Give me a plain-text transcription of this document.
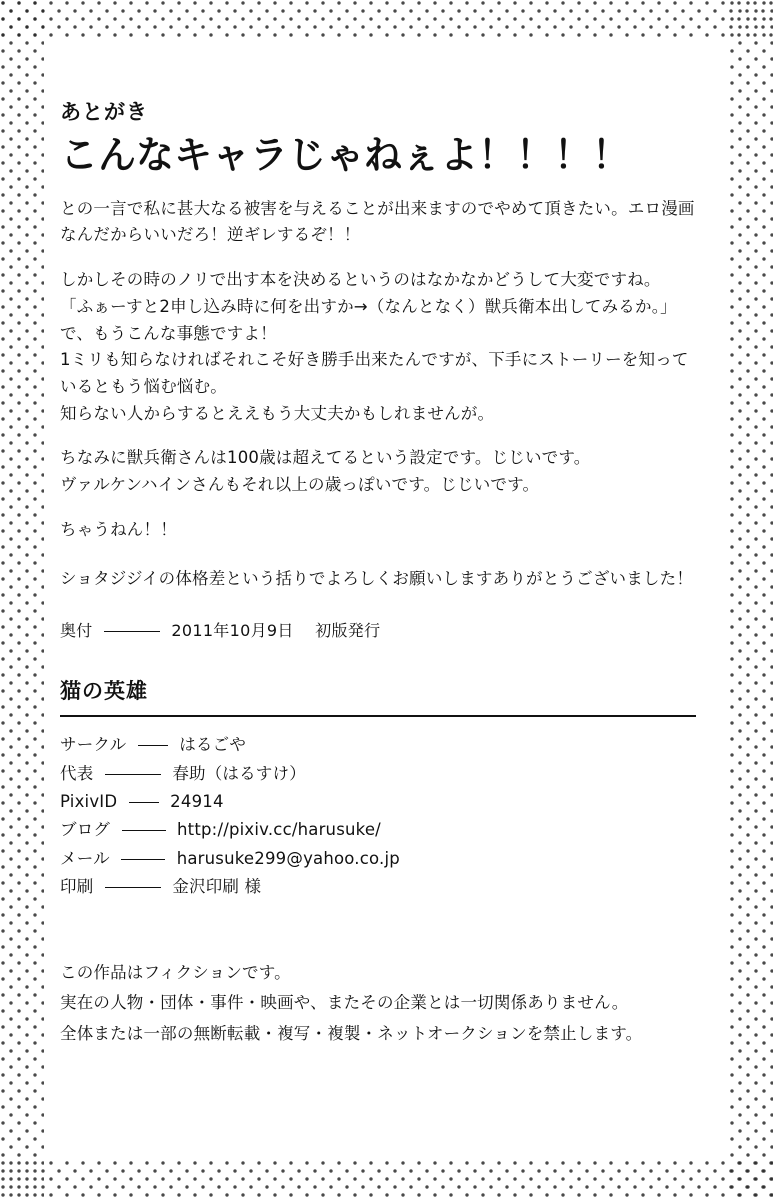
あとがき
こんなキャラじゃねぇよ！！！！

との一言で私に甚大なる被害を与えることが出来ますのでやめて頂きたい。エロ漫画なんだからいいだろ！逆ギレするぞ！！

しかしその時のノリで出す本を決めるというのはなかなかどうして大変ですね。
「ふぁーすと2申し込み時に何を出すか→（なんとなく）獣兵衛本出してみるか。」で、もうこんな事態ですよ！
1ミリも知らなければそれこそ好き勝手出来たんですが、下手にストーリーを知っているともう悩む悩む。
知らない人からするとええもう大丈夫かもしれませんが。

ちなみに獣兵衛さんは100歳は超えてるという設定です。じじいです。
ヴァルケンハインさんもそれ以上の歳っぽいです。じじいです。

ちゃうねん！！

ショタジジイの体格差という括りでよろしくお願いしますありがとうございました！

奥付	2011年10月9日 初版発行
猫の英雄
サークル	はるごや
代表	春助（はるすけ）
PixivID	24914
ブログ	http://pixiv.cc/harusuke/
メール	harusuke299@yahoo.co.jp
印刷	金沢印刷 様

この作品はフィクションです。

実在の人物・団体・事件・映画や、またその企業とは一切関係ありません。

全体または一部の無断転載・複写・複製・ネットオークションを禁止します。
